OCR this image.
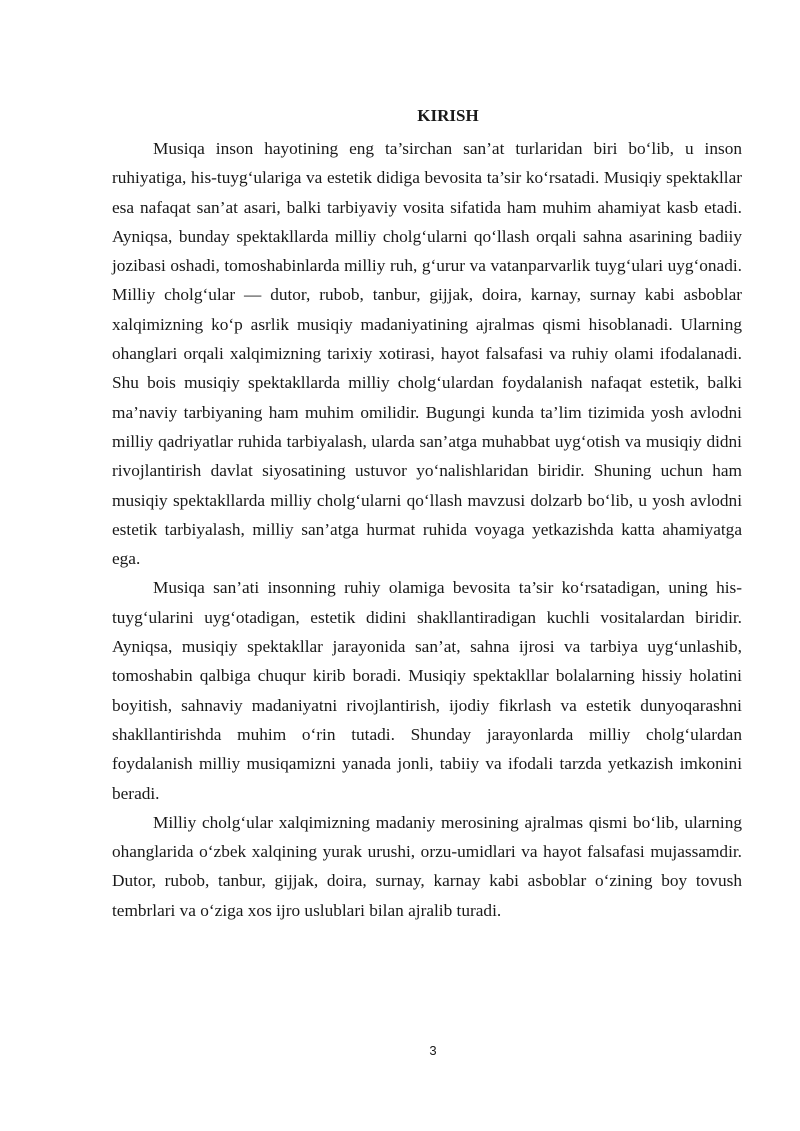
KIRISH

Musiqa inson hayotining eng ta’sirchan san’at turlaridan biri bo‘lib, u inson ruhiyatiga, his-tuyg‘ulariga va estetik didiga bevosita ta’sir ko‘rsatadi. Musiqiy spektakllar esa nafaqat san’at asari, balki tarbiyaviy vosita sifatida ham muhim ahamiyat kasb etadi. Ayniqsa, bunday spektakllarda milliy cholg‘ularni qo‘llash orqali sahna asarining badiiy jozibasi oshadi, tomoshabinlarda milliy ruh, g‘urur va vatanparvarlik tuyg‘ulari uyg‘onadi. Milliy cholg‘ular — dutor, rubob, tanbur, gijjak, doira, karnay, surnay kabi asboblar xalqimizning ko‘p asrlik musiqiy madaniyatining ajralmas qismi hisoblanadi. Ularning ohanglari orqali xalqimizning tarixiy xotirasi, hayot falsafasi va ruhiy olami ifodalanadi. Shu bois musiqiy spektakllarda milliy cholg‘ulardan foydalanish nafaqat estetik, balki ma’naviy tarbiyaning ham muhim omilidir. Bugungi kunda ta’lim tizimida yosh avlodni milliy qadriyatlar ruhida tarbiyalash, ularda san’atga muhabbat uyg‘otish va musiqiy didni rivojlantirish davlat siyosatining ustuvor yo‘nalishlaridan biridir. Shuning uchun ham musiqiy spektakllarda milliy cholg‘ularni qo‘llash mavzusi dolzarb bo‘lib, u yosh avlodni estetik tarbiyalash, milliy san’atga hurmat ruhida voyaga yetkazishda katta ahamiyatga ega.

Musiqa san’ati insonning ruhiy olamiga bevosita ta’sir ko‘rsatadigan, uning his-tuyg‘ularini uyg‘otadigan, estetik didini shakllantiradigan kuchli vositalardan biridir. Ayniqsa, musiqiy spektakllar jarayonida san’at, sahna ijrosi va tarbiya uyg‘unlashib, tomoshabin qalbiga chuqur kirib boradi. Musiqiy spektakllar bolalarning hissiy holatini boyitish, sahnaviy madaniyatni rivojlantirish, ijodiy fikrlash va estetik dunyoqarashni shakllantirishda muhim o‘rin tutadi. Shunday jarayonlarda milliy cholg‘ulardan foydalanish milliy musiqamizni yanada jonli, tabiiy va ifodali tarzda yetkazish imkonini beradi.

Milliy cholg‘ular xalqimizning madaniy merosining ajralmas qismi bo‘lib, ularning ohanglarida o‘zbek xalqining yurak urushi, orzu-umidlari va hayot falsafasi mujassamdir. Dutor, rubob, tanbur, gijjak, doira, surnay, karnay kabi asboblar o‘zining boy tovush tembrlari va o‘ziga xos ijro uslublari bilan ajralib turadi.

3
